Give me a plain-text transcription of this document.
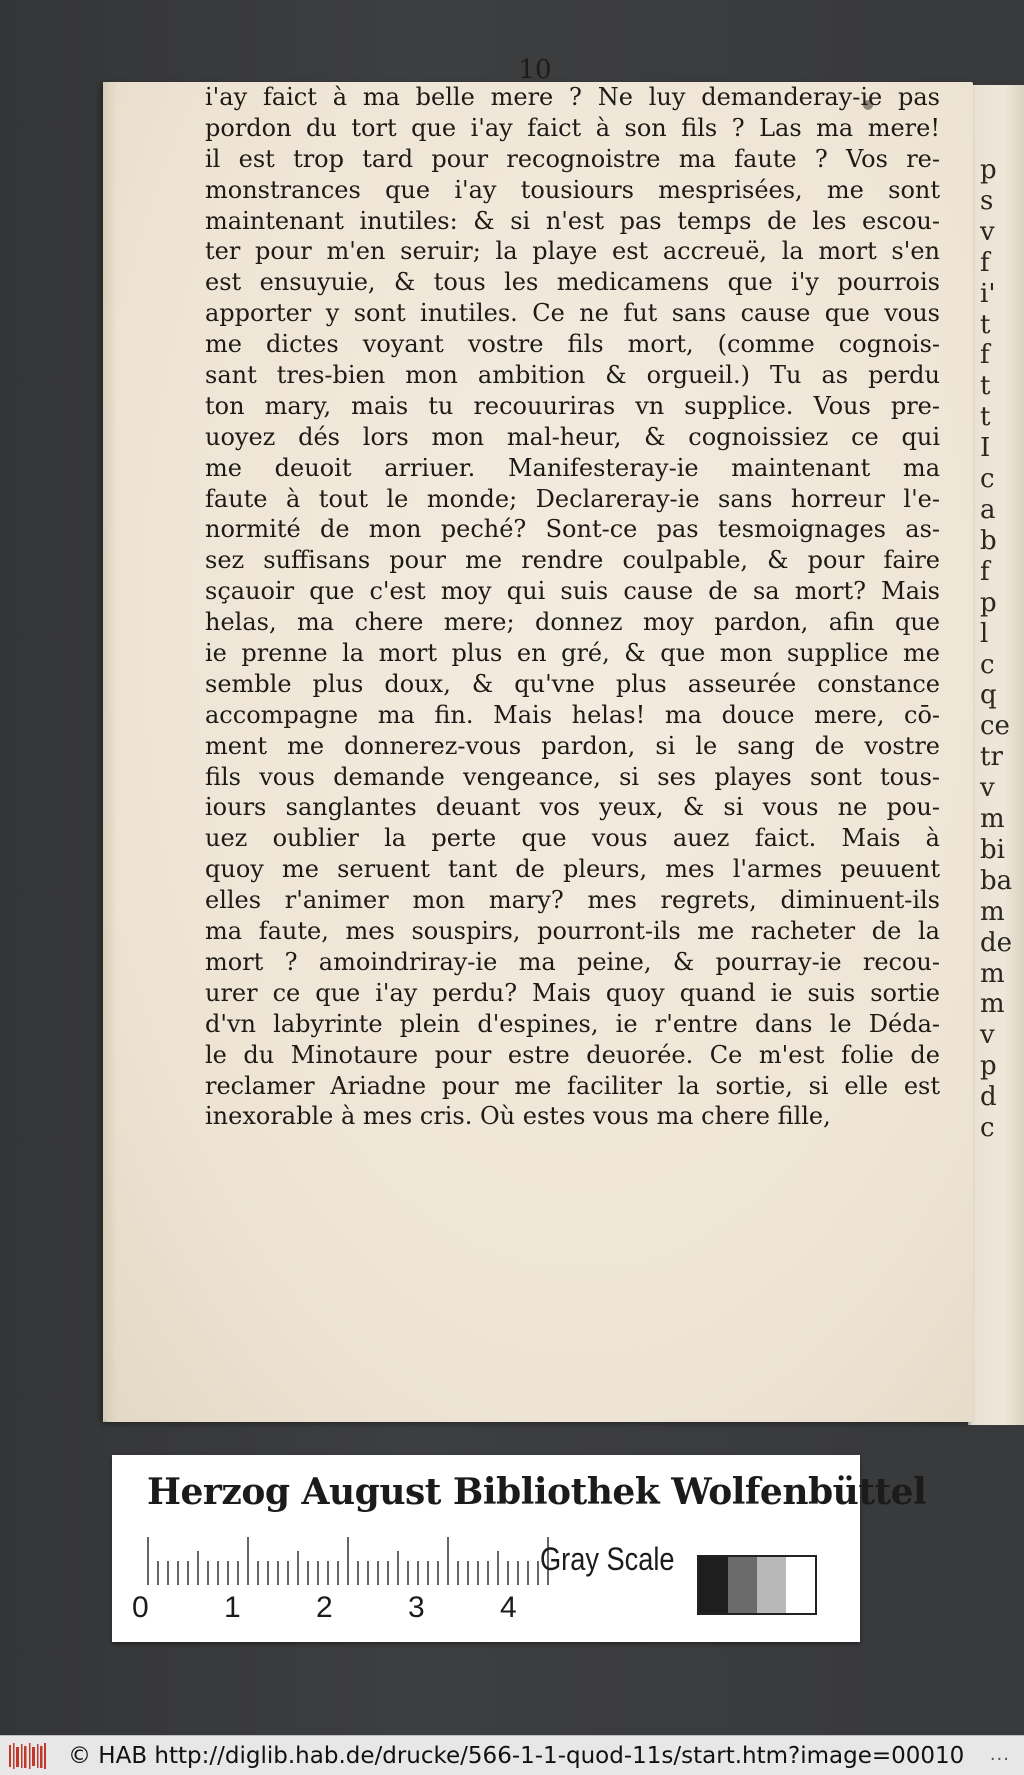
p
s
v
f
i'
t
f
t
t
I
c
a
b
f
p
l
c
q
ce
tr
v
m
bi
ba
m
de
m
m
v
p
d
c
10
i'ay faict à ma belle mere ? Ne luy demanderay-ie pas
pordon du tort que i'ay faict à son fils ? Las ma mere!
il est trop tard pour recognoistre ma faute ? Vos re-
monstrances que i'ay tousiours mesprisées, me sont
maintenant inutiles: & si n'est pas temps de les escou-
ter pour m'en seruir; la playe est accreuë, la mort s'en
est ensuyuie, & tous les medicamens que i'y pourrois
apporter y sont inutiles. Ce ne fut sans cause que vous
me dictes voyant vostre fils mort, (comme cognois-
sant tres-bien mon ambition & orgueil.) Tu as perdu
ton mary, mais tu recouuriras vn supplice. Vous pre-
uoyez dés lors mon mal-heur, & cognoissiez ce qui
me deuoit arriuer. Manifesteray-ie maintenant ma
faute à tout le monde; Declareray-ie sans horreur l'e-
normité de mon peché? Sont-ce pas tesmoignages as-
sez suffisans pour me rendre coulpable, & pour faire
sçauoir que c'est moy qui suis cause de sa mort? Mais
helas, ma chere mere; donnez moy pardon, afin que
ie prenne la mort plus en gré, & que mon supplice me
semble plus doux, & qu'vne plus asseurée constance
accompagne ma fin. Mais helas! ma douce mere, cō-
ment me donnerez-vous pardon, si le sang de vostre
fils vous demande vengeance, si ses playes sont tous-
iours sanglantes deuant vos yeux, & si vous ne pou-
uez oublier la perte que vous auez faict. Mais à
quoy me seruent tant de pleurs, mes l'armes peuuent
elles r'animer mon mary? mes regrets, diminuent-ils
ma faute, mes souspirs, pourront-ils me racheter de la
mort ? amoindriray-ie ma peine, & pourray-ie recou-
urer ce que i'ay perdu? Mais quoy quand ie suis sortie
d'vn labyrinte plein d'espines, ie r'entre dans le Déda-
le du Minotaure pour estre deuorée. Ce m'est folie de
reclamer Ariadne pour me faciliter la sortie, si elle est
inexorable à mes cris. Où estes vous ma chere fille,
Herzog August Bibliothek Wolfenbüttel
0	1	2	3	4
Gray Scale
© HAB http://diglib.hab.de/drucke/566-1-1-quod-11s/start.htm?image=00010 ...
